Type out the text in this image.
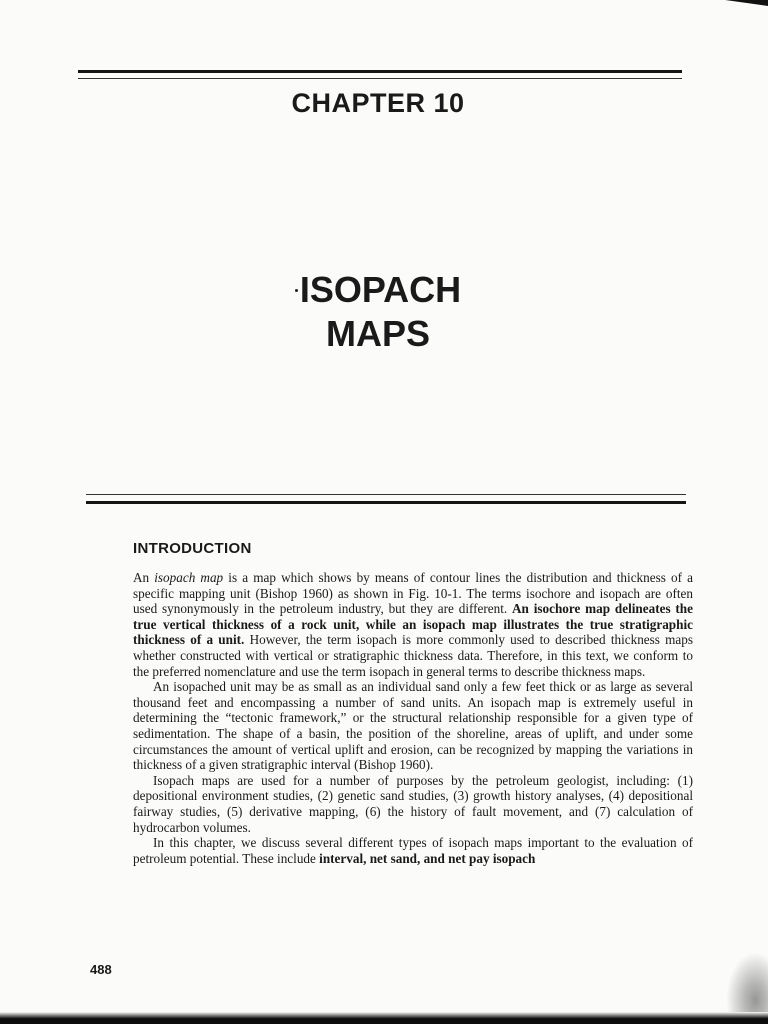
CHAPTER 10
ISOPACH
MAPS
INTRODUCTION

An isopach map is a map which shows by means of contour lines the distribution and thickness of a specific mapping unit (Bishop 1960) as shown in Fig. 10-1. The terms isochore and isopach are often used synonymously in the petroleum industry, but they are different. An isochore map delineates the true vertical thickness of a rock unit, while an isopach map illustrates the true stratigraphic thickness of a unit. However, the term isopach is more commonly used to described thickness maps whether constructed with vertical or stratigraphic thickness data. Therefore, in this text, we conform to the preferred nomenclature and use the term isopach in general terms to describe thickness maps.

An isopached unit may be as small as an individual sand only a few feet thick or as large as several thousand feet and encompassing a number of sand units. An isopach map is extremely useful in determining the “tectonic framework,” or the structural relationship responsible for a given type of sedimentation. The shape of a basin, the position of the shoreline, areas of uplift, and under some circumstances the amount of vertical uplift and erosion, can be recognized by mapping the variations in thickness of a given stratigraphic interval (Bishop 1960).

Isopach maps are used for a number of purposes by the petroleum geologist, including: (1) depositional environment studies, (2) genetic sand studies, (3) growth history analyses, (4) depositional fairway studies, (5) derivative mapping, (6) the history of fault movement, and (7) calculation of hydrocarbon volumes.

In this chapter, we discuss several different types of isopach maps important to the evaluation of petroleum potential. These include interval, net sand, and net pay isopach

488
